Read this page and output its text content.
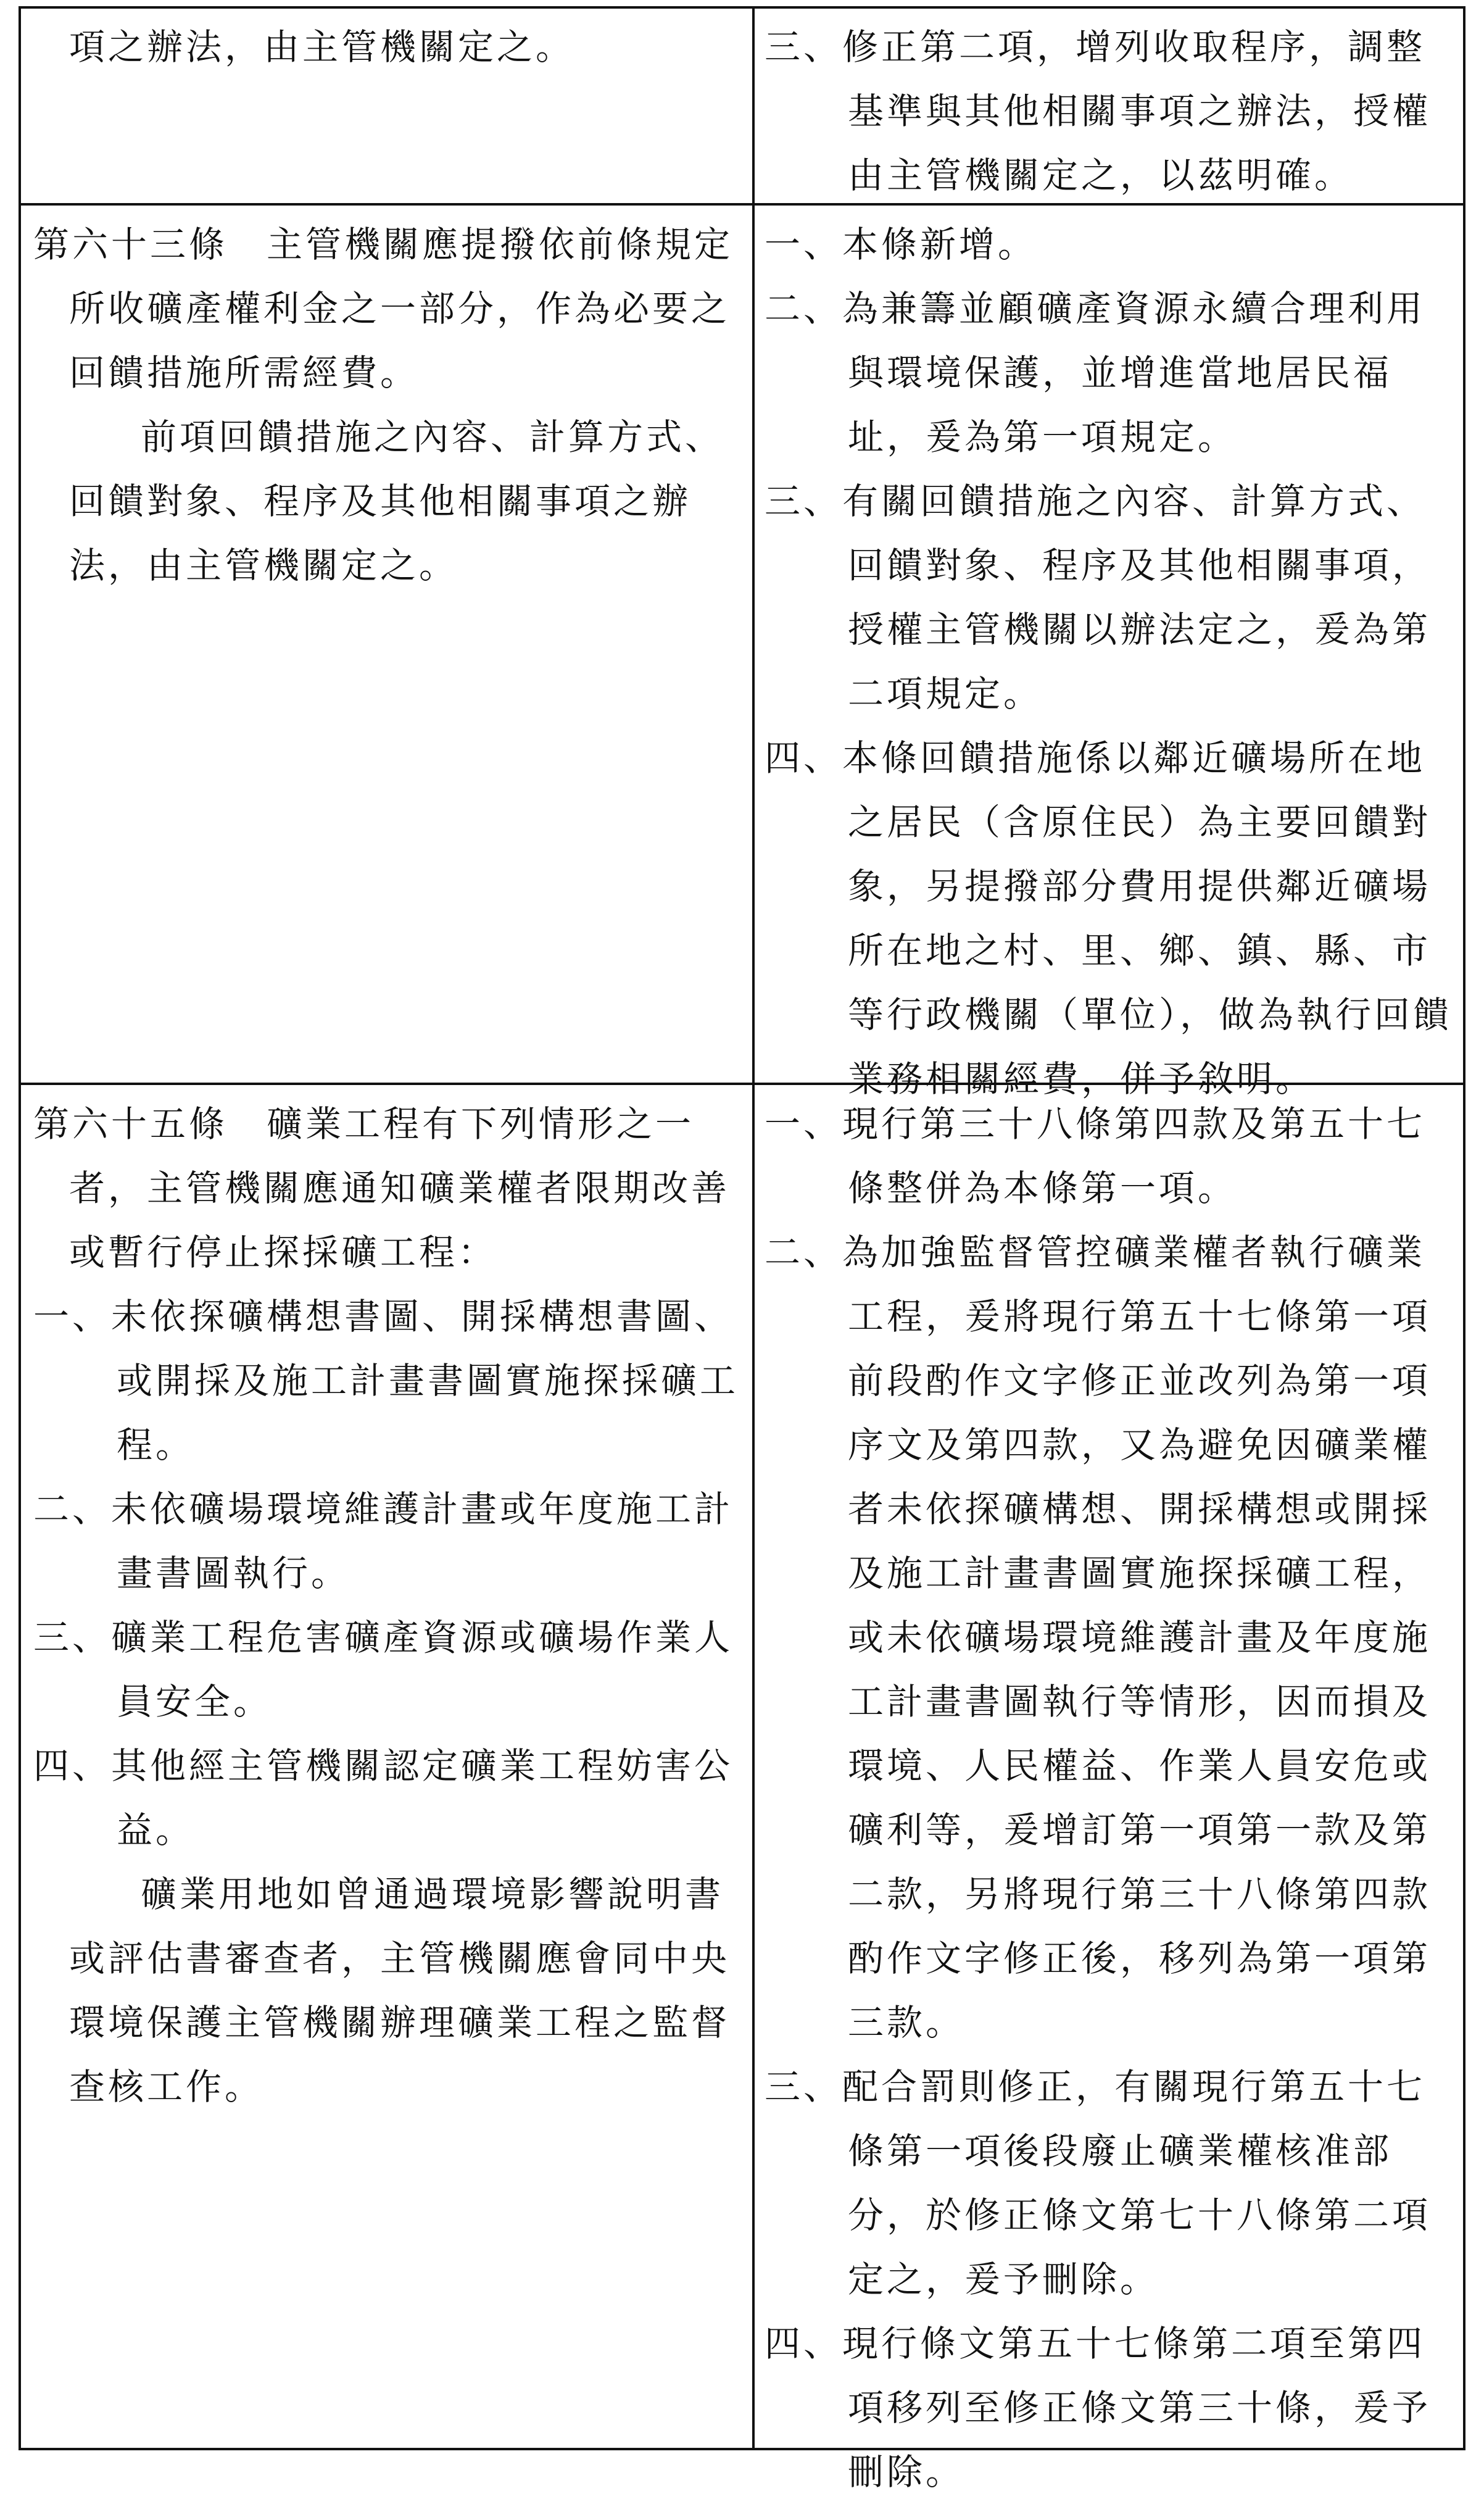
項之辦法，由主管機關定之。	三、修正第二項，增列收取程序，調整基準與其他相關事項之辦法，授權由主管機關定之，以茲明確。

第六十三條　主管機關應提撥依前條規定所收礦產權利金之一部分，作為必要之回饋措施所需經費。

前項回饋措施之內容、計算方式、回饋對象、程序及其他相關事項之辦法，由主管機關定之。

一、本條新增。

二、為兼籌並顧礦產資源永續合理利用與環境保護，並增進當地居民福址，爰為第一項規定。

三、有關回饋措施之內容、計算方式、回饋對象、程序及其他相關事項，授權主管機關以辦法定之，爰為第二項規定。

四、本條回饋措施係以鄰近礦場所在地之居民（含原住民）為主要回饋對象，另提撥部分費用提供鄰近礦場所在地之村、里、鄉、鎮、縣、市等行政機關（單位），做為執行回饋業務相關經費，併予敘明。

第六十五條　礦業工程有下列情形之一者，主管機關應通知礦業權者限期改善或暫行停止探採礦工程：

一、未依探礦構想書圖、開採構想書圖、或開採及施工計畫書圖實施探採礦工程。

二、未依礦場環境維護計畫或年度施工計畫書圖執行。

三、礦業工程危害礦產資源或礦場作業人員安全。

四、其他經主管機關認定礦業工程妨害公益。

礦業用地如曾通過環境影響說明書或評估書審查者，主管機關應會同中央環境保護主管機關辦理礦業工程之監督查核工作。

一、現行第三十八條第四款及第五十七條整併為本條第一項。

二、為加強監督管控礦業權者執行礦業工程，爰將現行第五十七條第一項前段酌作文字修正並改列為第一項序文及第四款，又為避免因礦業權者未依探礦構想、開採構想或開採及施工計畫書圖實施探採礦工程，或未依礦場環境維護計畫及年度施工計畫書圖執行等情形，因而損及環境、人民權益、作業人員安危或礦利等，爰增訂第一項第一款及第二款，另將現行第三十八條第四款酌作文字修正後，移列為第一項第三款。

三、配合罰則修正，有關現行第五十七條第一項後段廢止礦業權核准部分，於修正條文第七十八條第二項定之，爰予刪除。

四、現行條文第五十七條第二項至第四項移列至修正條文第三十條，爰予刪除。
